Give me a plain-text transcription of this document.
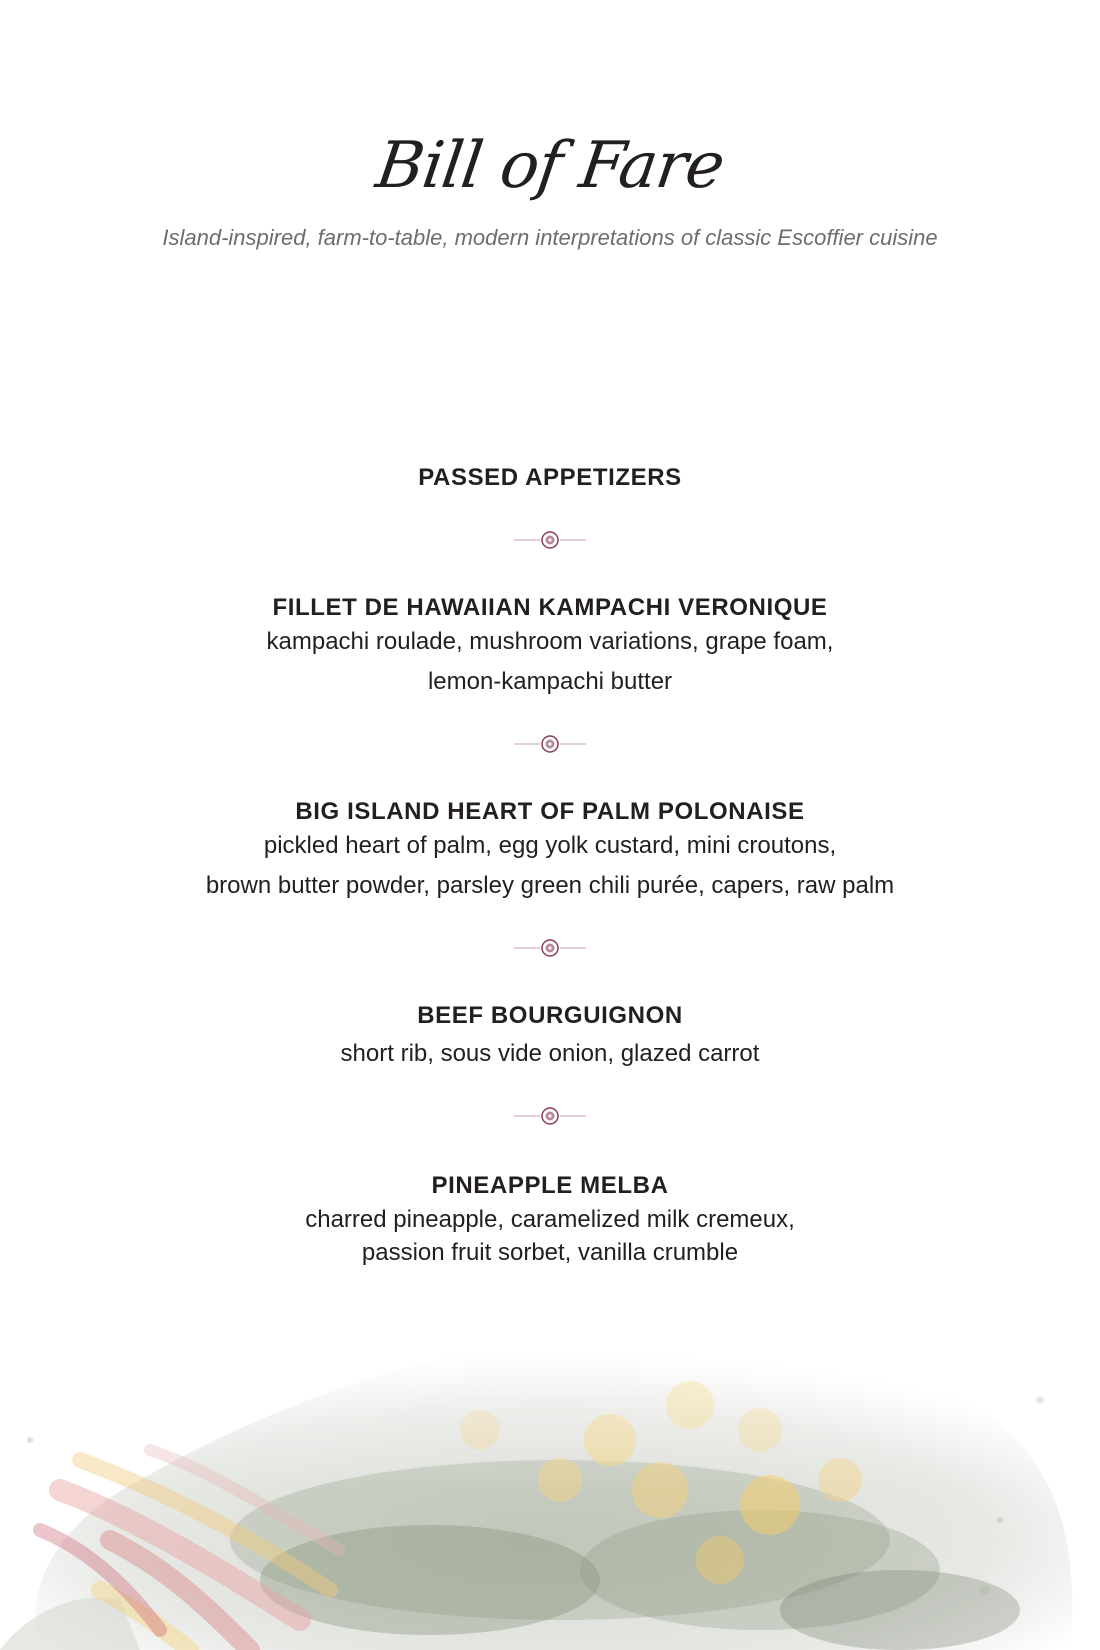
Bill of Fare
Island-inspired, farm-to-table, modern interpretations of classic Escoffier cuisine
PASSED APPETIZERS
FILLET DE HAWAIIAN KAMPACHI VERONIQUE
kampachi roulade, mushroom variations, grape foam,
lemon-kampachi butter
BIG ISLAND HEART OF PALM POLONAISE
pickled heart of palm, egg yolk custard, mini croutons,
brown butter powder, parsley green chili purée, capers, raw palm
BEEF BOURGUIGNON
short rib, sous vide onion, glazed carrot
PINEAPPLE MELBA
charred pineapple, caramelized milk cremeux,
passion fruit sorbet, vanilla crumble
